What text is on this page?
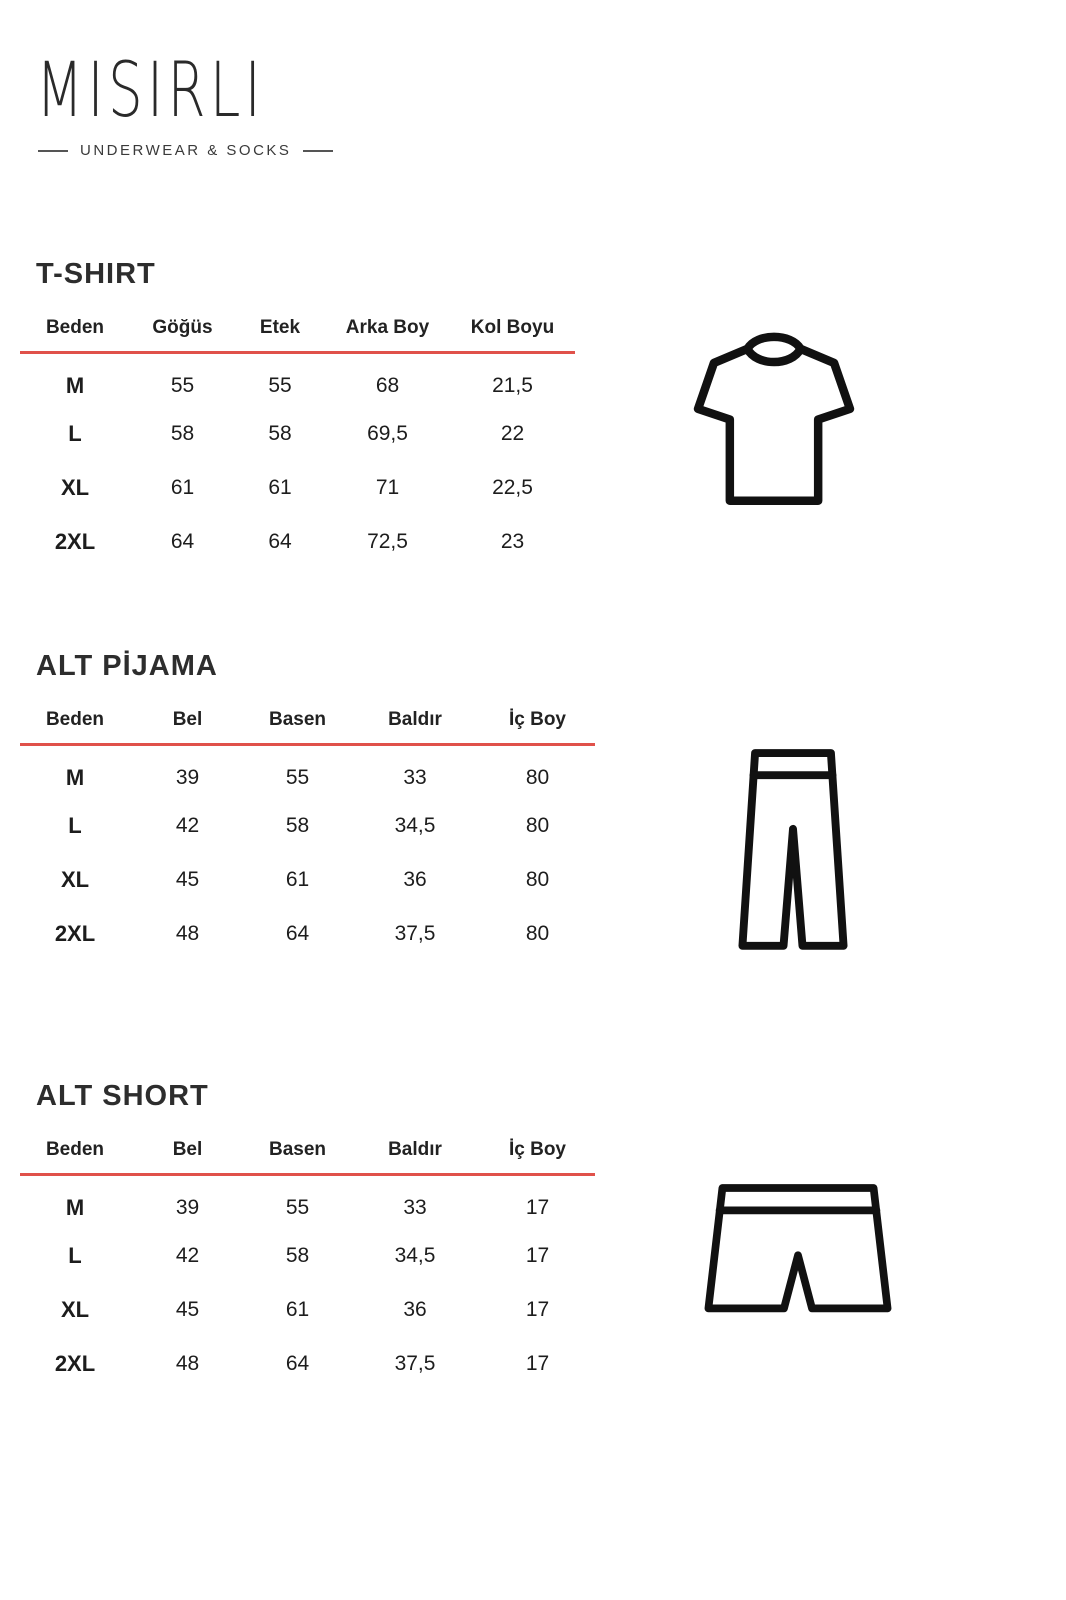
MISIRLI
UNDERWEAR & SOCKS
T-SHIRT
Beden	Göğüs	Etek	Arka Boy	Kol Boyu
M	55	55	68	21,5
L	58	58	69,5	22
XL	61	61	71	22,5
2XL	64	64	72,5	23
ALT PİJAMA
Beden	Bel	Basen	Baldır	İç Boy
M	39	55	33	80
L	42	58	34,5	80
XL	45	61	36	80
2XL	48	64	37,5	80
ALT SHORT
Beden	Bel	Basen	Baldır	İç Boy
M	39	55	33	17
L	42	58	34,5	17
XL	45	61	36	17
2XL	48	64	37,5	17
